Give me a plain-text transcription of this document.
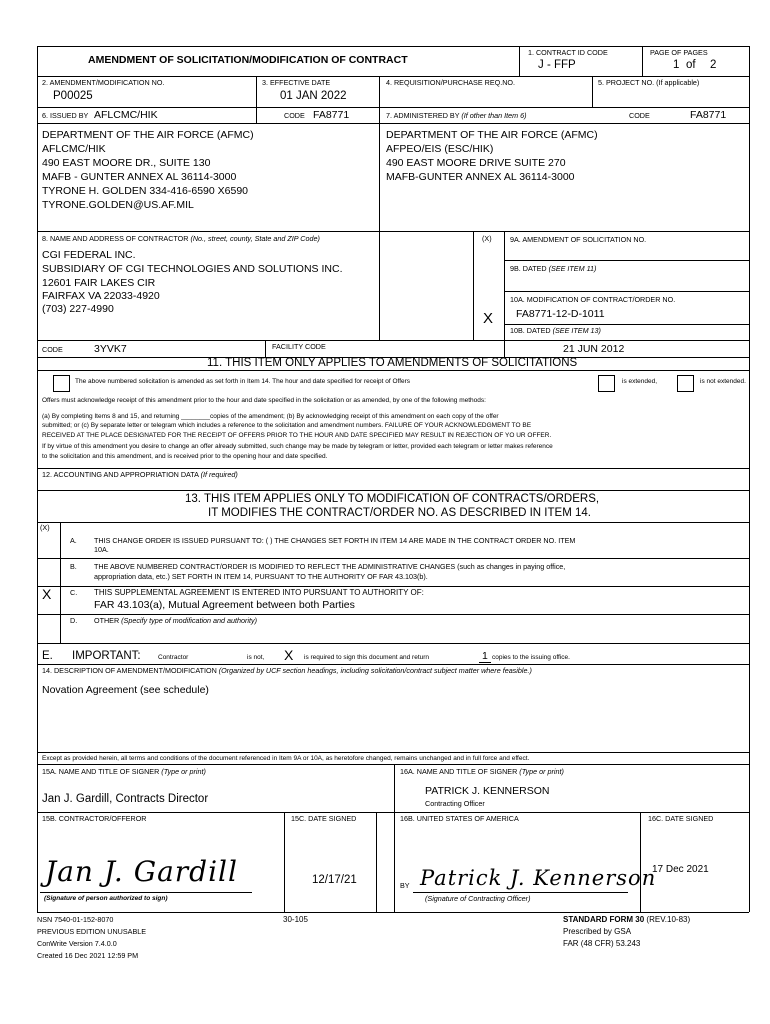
AMENDMENT OF SOLICITATION/MODIFICATION OF CONTRACT
1. CONTRACT ID CODE
J - FFP
PAGE OF PAGES
1 of 2
2. AMENDMENT/MODIFICATION NO.
P00025
3. EFFECTIVE DATE
01 JAN 2022
4. REQUISITION/PURCHASE REQ.NO.	5. PROJECT NO. (If applicable)
6. ISSUED BY AFLCMC/HIK	CODE FA8771
DEPARTMENT OF THE AIR FORCE (AFMC)
AFLCMC/HIK
490 EAST MOORE DR., SUITE 130
MAFB - GUNTER ANNEX AL 36114-3000
TYRONE H. GOLDEN 334-416-6590 X6590
TYRONE.GOLDEN@US.AF.MIL
7. ADMINISTERED BY (If other than Item 6)	CODE	FA8771
DEPARTMENT OF THE AIR FORCE (AFMC)
AFPEO/EIS (ESC/HIK)
490 EAST MOORE DRIVE SUITE 270
MAFB-GUNTER ANNEX AL 36114-3000
8. NAME AND ADDRESS OF CONTRACTOR (No., street, county, State and ZIP Code)	(X)
CGI FEDERAL INC.
SUBSIDIARY OF CGI TECHNOLOGIES AND SOLUTIONS INC.
12601 FAIR LAKES CIR
FAIRFAX VA 22033-4920
(703) 227-4990
CODE	3YVK7	FACILITY CODE
9A. AMENDMENT OF SOLICITATION NO.
9B. DATED (SEE ITEM 11)
10A. MODIFICATION OF CONTRACT/ORDER NO.
FA8771-12-D-1011
X
10B. DATED (SEE ITEM 13)
21 JUN 2012
11. THIS ITEM ONLY APPLIES TO AMENDMENTS OF SOLICITATIONS
The above numbered solicitation is amended as set forth in Item 14. The hour and date specified for receipt of Offers	is extended,	is not extended.
Offers must acknowledge receipt of this amendment prior to the hour and date specified in the solicitation or as amended, by one of the following methods:
(a) By completing Items 8 and 15, and returning ________copies of the amendment; (b) By acknowledging receipt of this amendment on each copy of the offer
submitted; or (c) By separate letter or telegram which includes a reference to the solicitation and amendment numbers. FAILURE OF YOUR ACKNOWLEDGMENT TO BE
RECEIVED AT THE PLACE DESIGNATED FOR THE RECEIPT OF OFFERS PRIOR TO THE HOUR AND DATE SPECIFIED MAY RESULT IN REJECTION OF YO UR OFFER.
If by virtue of this amendment you desire to change an offer already submitted, such change may be made by telegram or letter, provided each telegram or letter makes reference
to the solicitation and this amendment, and is received prior to the opening hour and date specified.
12. ACCOUNTING AND APPROPRIATION DATA (If required)
13. THIS ITEM APPLIES ONLY TO MODIFICATION OF CONTRACTS/ORDERS,
IT MODIFIES THE CONTRACT/ORDER NO. AS DESCRIBED IN ITEM 14.
(X)
A. THIS CHANGE ORDER IS ISSUED PURSUANT TO: ( ) THE CHANGES SET FORTH IN ITEM 14 ARE MADE IN THE CONTRACT ORDER NO. ITEM
10A.
B. THE ABOVE NUMBERED CONTRACT/ORDER IS MODIFIED TO REFLECT THE ADMINISTRATIVE CHANGES (such as changes in paying office,
appropriation data, etc.) SET FORTH IN ITEM 14, PURSUANT TO THE AUTHORITY OF FAR 43.103(b).
X	C. THIS SUPPLEMENTAL AGREEMENT IS ENTERED INTO PURSUANT TO AUTHORITY OF:
FAR 43.103(a), Mutual Agreement between both Parties
D. OTHER (Specify type of modification and authority)
E. IMPORTANT:	Contractor	is not, X is required to sign this document and return	1 copies to the issuing office.
14. DESCRIPTION OF AMENDMENT/MODIFICATION (Organized by UCF section headings, including solicitation/contract subject matter where feasible.)
Novation Agreement (see schedule)
Except as provided herein, all terms and conditions of the document referenced in Item 9A or 10A, as heretofore changed, remains unchanged and in full force and effect.
15A. NAME AND TITLE OF SIGNER (Type or print)
Jan J. Gardill, Contracts Director
15B. CONTRACTOR/OFFEROR
Jan J. Gardill
(Signature of person authorized to sign)
15C. DATE SIGNED
12/17/21
16A. NAME AND TITLE OF SIGNER (Type or print)
PATRICK J. KENNERSON
Contracting Officer
16B. UNITED STATES OF AMERICA
BY Patrick J. Kennerson
(Signature of Contracting Officer)
16C. DATE SIGNED
17 Dec 2021
NSN 7540-01-152-8070
PREVIOUS EDITION UNUSABLE
ConWrite Version 7.4.0.0
Created 16 Dec 2021 12:59 PM
30-105	STANDARD FORM 30 (REV.10-83)
Prescribed by GSA
FAR (48 CFR) 53.243
